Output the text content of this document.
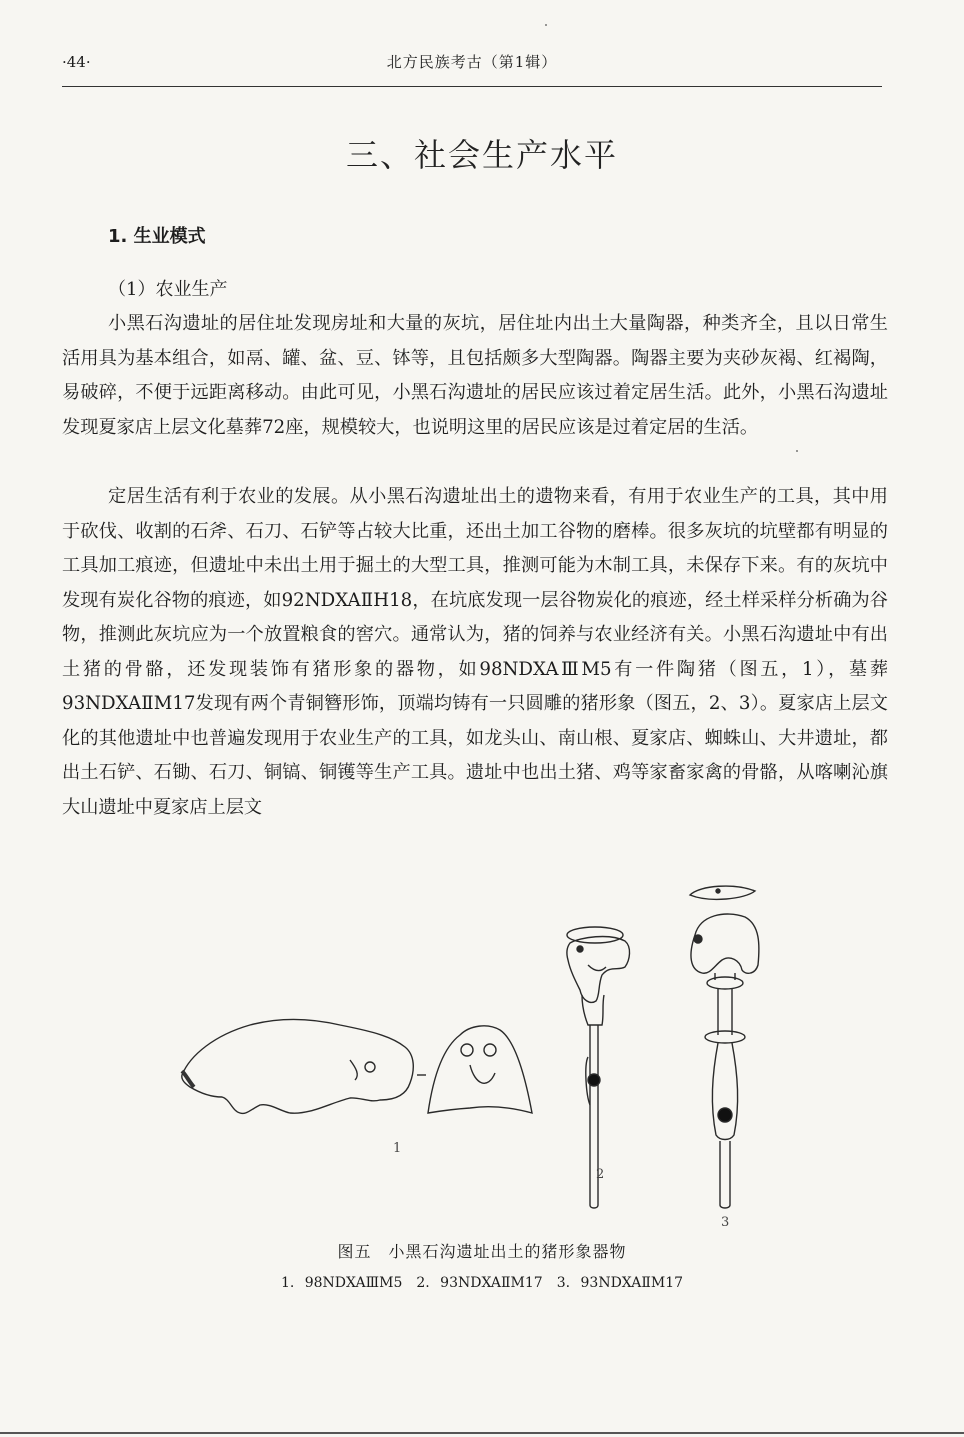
·44·	北方民族考古（第1辑）
三、社会生产水平
1. 生业模式
（1）农业生产

小黑石沟遗址的居住址发现房址和大量的灰坑，居住址内出土大量陶器，种类齐全，且以日常生活用具为基本组合，如鬲、罐、盆、豆、钵等，且包括颇多大型陶器。陶器主要为夹砂灰褐、红褐陶，易破碎，不便于远距离移动。由此可见，小黑石沟遗址的居民应该过着定居生活。此外，小黑石沟遗址发现夏家店上层文化墓葬72座，规模较大，也说明这里的居民应该是过着定居的生活。

定居生活有利于农业的发展。从小黑石沟遗址出土的遗物来看，有用于农业生产的工具，其中用于砍伐、收割的石斧、石刀、石铲等占较大比重，还出土加工谷物的磨棒。很多灰坑的坑壁都有明显的工具加工痕迹，但遗址中未出土用于掘土的大型工具，推测可能为木制工具，未保存下来。有的灰坑中发现有炭化谷物的痕迹，如92NDXAⅡH18，在坑底发现一层谷物炭化的痕迹，经土样采样分析确为谷物，推测此灰坑应为一个放置粮食的窖穴。通常认为，猪的饲养与农业经济有关。小黑石沟遗址中有出土猪的骨骼，还发现装饰有猪形象的器物，如98NDXAⅢM5有一件陶猪（图五，1），墓葬93NDXAⅡM17发现有两个青铜簪形饰，顶端均铸有一只圆雕的猪形象（图五，2、3）。夏家店上层文化的其他遗址中也普遍发现用于农业生产的工具，如龙头山、南山根、夏家店、蜘蛛山、大井遗址，都出土石铲、石锄、石刀、铜镐、铜镬等生产工具。遗址中也出土猪、鸡等家畜家禽的骨骼，从喀喇沁旗大山遗址中夏家店上层文

1
2
3
图五　小黑石沟遗址出土的猪形象器物
1. 98NDXAⅢM5　2. 93NDXAⅡM17　3. 93NDXAⅡM17
